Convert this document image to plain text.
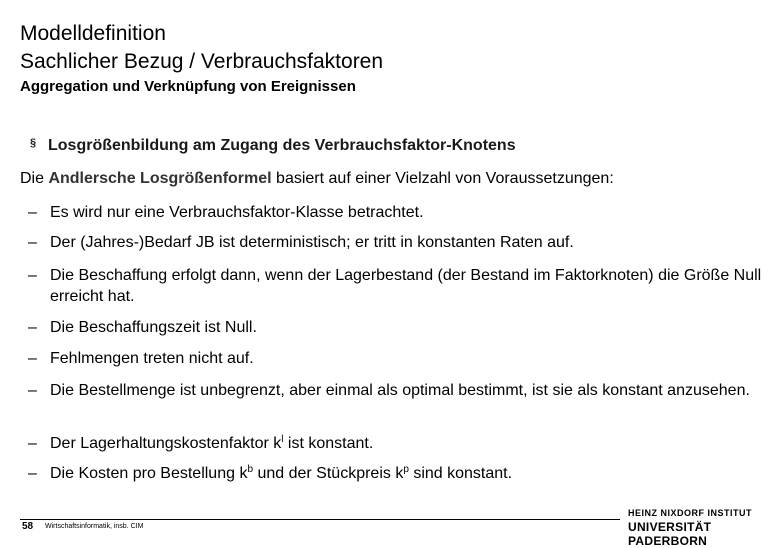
Modelldefinition
Sachlicher Bezug / Verbrauchsfaktoren
Aggregation und Verknüpfung von Ereignissen
§ Losgrößenbildung am Zugang des Verbrauchsfaktor-Knotens
Die Andlersche Losgrößenformel basiert auf einer Vielzahl von Voraussetzungen:
– Es wird nur eine Verbrauchsfaktor-Klasse betrachtet.
– Der (Jahres-)Bedarf JB ist deterministisch; er tritt in konstanten Raten auf.
– Die Beschaffung erfolgt dann, wenn der Lagerbestand (der Bestand im Faktorknoten) die Größe Null erreicht hat.
– Die Beschaffungszeit ist Null.
– Fehlmengen treten nicht auf.
– Die Bestellmenge ist unbegrenzt, aber einmal als optimal bestimmt, ist sie als konstant anzusehen.
– Der Lagerhaltungskostenfaktor $k^l$ ist konstant.
– Die Kosten pro Bestellung $k^b$ und der Stückpreis $k^p$ sind konstant.
58 Wirtschaftsinformatik, insb. CIM
HEINZ NIXDORF INSTITUT
UNIVERSITÄT PADERBORN
